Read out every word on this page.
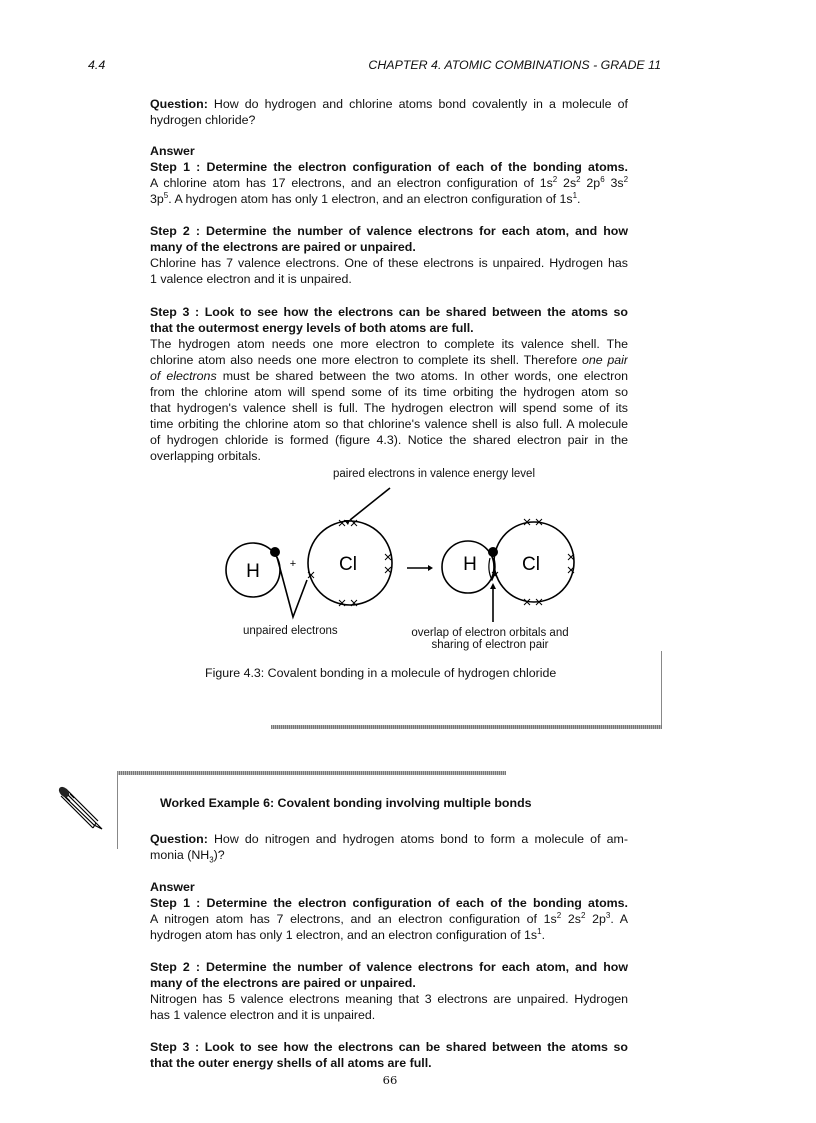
4.4	CHAPTER 4. ATOMIC COMBINATIONS - GRADE 11
Question: How do hydrogen and chlorine atoms bond covalently in a molecule of
hydrogen chloride?
Answer
Step 1 : Determine the electron configuration of each of the bonding atoms.
A chlorine atom has 17 electrons, and an electron configuration of $1s^2$ $2s^2$ $2p^6$ $3s^2$
$3p^5$. A hydrogen atom has only 1 electron, and an electron configuration of $1s^1$.
Step 2 : Determine the number of valence electrons for each atom, and how
many of the electrons are paired or unpaired.
Chlorine has 7 valence electrons. One of these electrons is unpaired. Hydrogen has
1 valence electron and it is unpaired.
Step 3 : Look to see how the electrons can be shared between the atoms so
that the outermost energy levels of both atoms are full.
The hydrogen atom needs one more electron to complete its valence shell. The
chlorine atom also needs one more electron to complete its shell. Therefore one pair
of electrons must be shared between the two atoms. In other words, one electron
from the chlorine atom will spend some of its time orbiting the hydrogen atom so
that hydrogen's valence shell is full. The hydrogen electron will spend some of its
time orbiting the chlorine atom so that chlorine's valence shell is also full. A molecule
of hydrogen chloride is formed (figure 4.3). Notice the shared electron pair in the
overlapping orbitals.
H	+ Cl	H Cl
paired electrons in valence energy level
unpaired electrons	overlap of electron orbitals and
sharing of electron pair
Figure 4.3: Covalent bonding in a molecule of hydrogen chloride
Worked Example 6: Covalent bonding involving multiple bonds
Question: How do nitrogen and hydrogen atoms bond to form a molecule of am-
monia $(NH_3)$?
Answer
Step 1 : Determine the electron configuration of each of the bonding atoms.
A nitrogen atom has 7 electrons, and an electron configuration of $1s^2$ $2s^2$ $2p^3$. A
hydrogen atom has only 1 electron, and an electron configuration of $1s^1$.
Step 2 : Determine the number of valence electrons for each atom, and how
many of the electrons are paired or unpaired.
Nitrogen has 5 valence electrons meaning that 3 electrons are unpaired. Hydrogen
has 1 valence electron and it is unpaired.
Step 3 : Look to see how the electrons can be shared between the atoms so
that the outer energy shells of all atoms are full.
66
